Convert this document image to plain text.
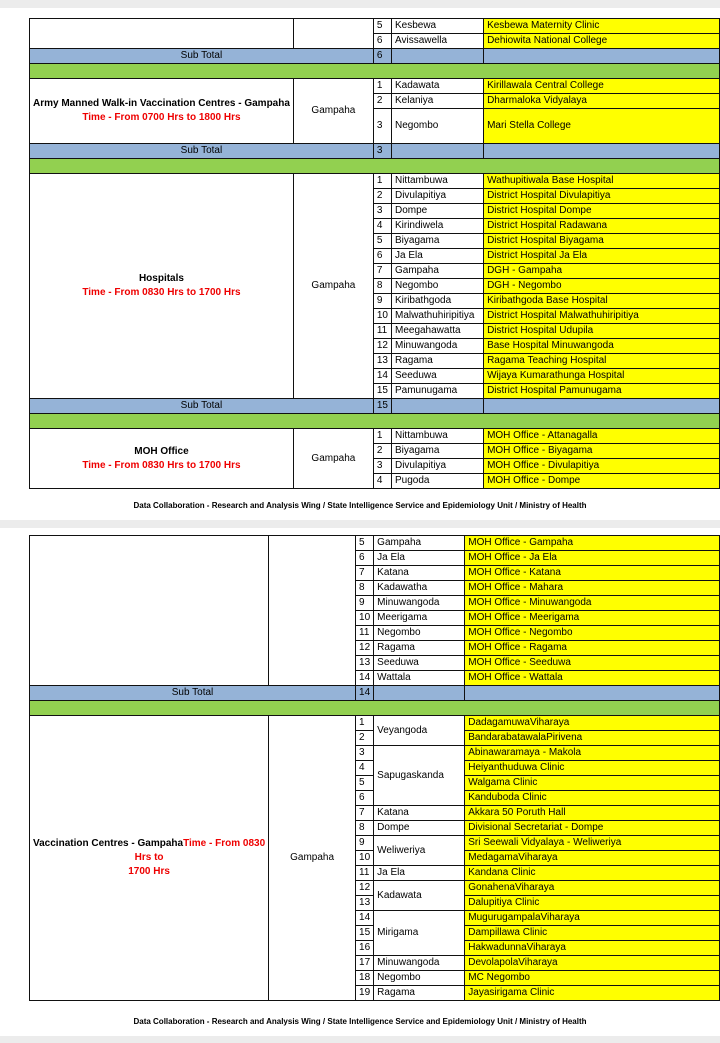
		5	Kesbewa	Kesbewa Maternity Clinic
		6	Avissawella	Dehiowita National College
Sub Total		6		

Army Manned Walk-in Vaccination Centres - Gampaha
Time - From 0700 Hrs to 1800 Hrs	Gampaha	1	Kadawata	Kirillawala Central College
		2	Kelaniya	Dharmaloka Vidyalaya
		3	Negombo	Mari Stella College
Sub Total		3		

Hospitals
Time - From 0830 Hrs to 1700 Hrs	Gampaha	1	Nittambuwa	Wathupitiwala Base Hospital
		2	Divulapitiya	District Hospital Divulapitiya
		3	Dompe	District Hospital Dompe
		4	Kirindiwela	District Hospital Radawana
		5	Biyagama	District Hospital Biyagama
		6	Ja Ela	District Hospital Ja Ela
		7	Gampaha	DGH - Gampaha
		8	Negombo	DGH - Negombo
		9	Kiribathgoda	Kiribathgoda Base Hospital
		10	Malwathuhiripitiya	District Hospital Malwathuhiripitiya
		11	Meegahawatta	District Hospital Udupila
		12	Minuwangoda	Base Hospital Minuwangoda
		13	Ragama	Ragama Teaching Hospital
		14	Seeduwa	Wijaya Kumarathunga Hospital
		15	Pamunugama	District Hospital Pamunugama
Sub Total		15		

MOH Office
Time - From 0830 Hrs to 1700 Hrs	Gampaha	1	Nittambuwa	MOH Office - Attanagalla
		2	Biyagama	MOH Office - Biyagama
		3	Divulapitiya	MOH Office - Divulapitiya
		4	Pugoda	MOH Office - Dompe
Data Collaboration - Research and Analysis Wing / State Intelligence Service and Epidemiology Unit / Ministry of Health
		5	Gampaha	MOH Office - Gampaha
		6	Ja Ela	MOH Office - Ja Ela
		7	Katana	MOH Office - Katana
		8	Kadawatha	MOH Office - Mahara
		9	Minuwangoda	MOH Office - Minuwangoda
		10	Meerigama	MOH Office - Meerigama
		11	Negombo	MOH Office - Negombo
		12	Ragama	MOH Office - Ragama
		13	Seeduwa	MOH Office - Seeduwa
		14	Wattala	MOH Office - Wattala
Sub Total		14		

Vaccination Centres - GampahaTime - From 0830
Hrs to
1700 Hrs	Gampaha	1	Veyangoda	DadagamuwaViharaya
		2		BandarabatawalaPirivena
		3	Sapugaskanda	Abinawaramaya - Makola
		4		Heiyanthuduwa Clinic
		5		Walgama Clinic
		6		Kanduboda Clinic
		7	Katana	Akkara 50 Poruth Hall
		8	Dompe	Divisional Secretariat - Dompe
		9	Weliweriya	Sri Seewali Vidyalaya - Weliweriya
		10		MedagamaViharaya
		11	Ja Ela	Kandana Clinic
		12	Kadawata	GonahenaViharaya
		13		Dalupitiya Clinic
		14	Mirigama	MugurugampalaViharaya
		15		Dampillawa Clinic
		16		HakwadunnaViharaya
		17	Minuwangoda	DevolapolaViharaya
		18	Negombo	MC Negombo
		19	Ragama	Jayasirigama Clinic
Data Collaboration - Research and Analysis Wing / State Intelligence Service and Epidemiology Unit / Ministry of Health
